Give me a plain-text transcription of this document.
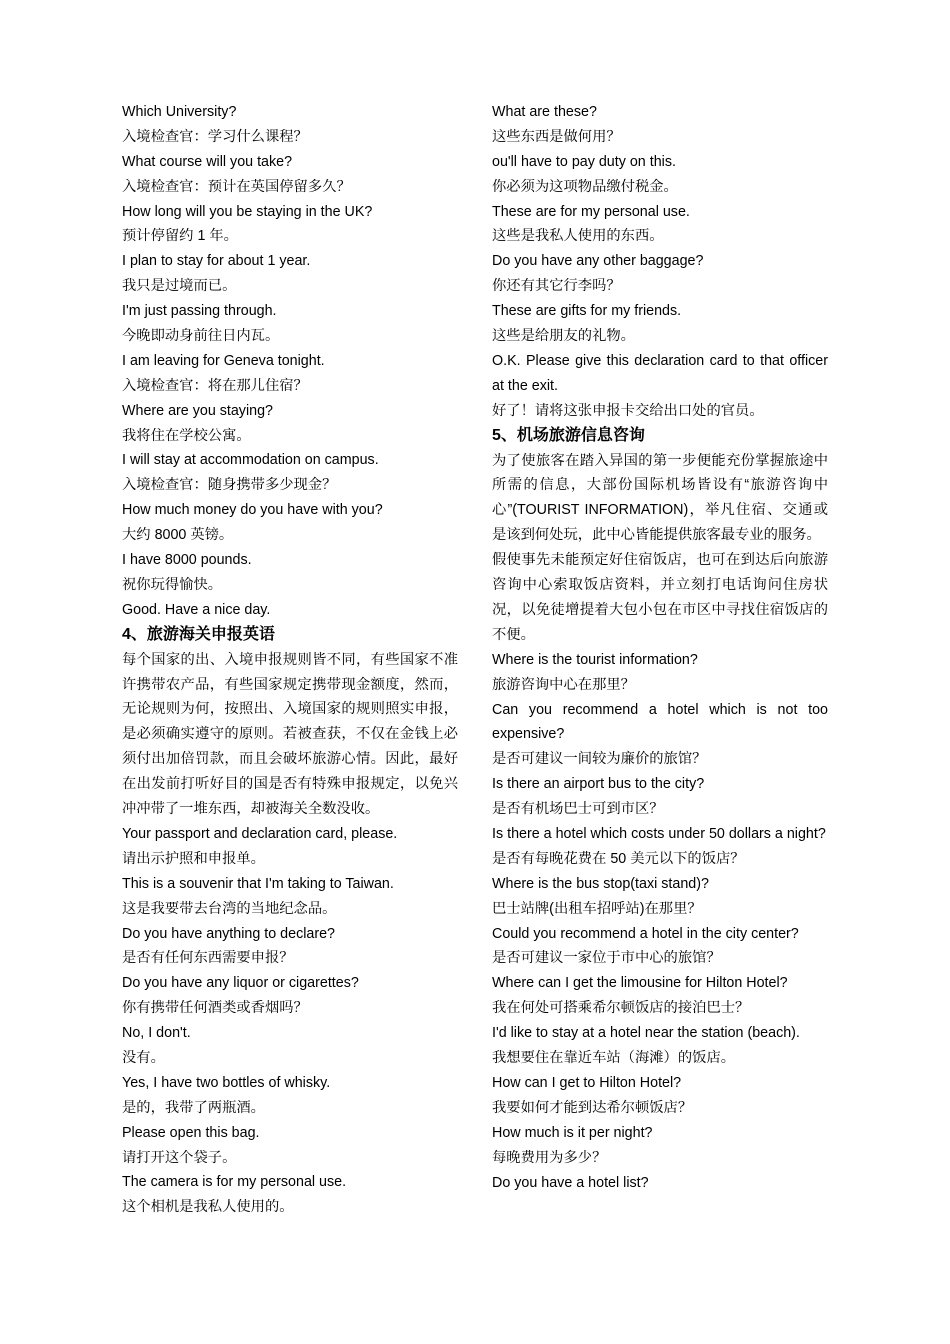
Which University?
入境检查官：学习什么课程？
What course will you take?
入境检查官：预计在英国停留多久？
How long will you be staying in the UK?
预计停留约 1 年。
I plan to stay for about 1 year.
我只是过境而已。
I'm just passing through.
今晚即动身前往日内瓦。
I am leaving for Geneva tonight.
入境检查官：将在那儿住宿？
Where are you staying?
我将住在学校公寓。
I will stay at accommodation on campus.
入境检查官：随身携带多少现金？
How much money do you have with you?
大约 8000 英镑。
I have 8000 pounds.
祝你玩得愉快。
Good. Have a nice day.
4、旅游海关申报英语
每个国家的出、入境申报规则皆不同，有些国家不准许携带农产品，有些国家规定携带现金额度，然而，无论规则为何，按照出、入境国家的规则照实申报，是必须确实遵守的原则。若被查获，不仅在金钱上必须付出加倍罚款，而且会破坏旅游心情。因此，最好在出发前打听好目的国是否有特殊申报规定，以免兴冲冲带了一堆东西，却被海关全数没收。
Your passport and declaration card, please.
请出示护照和申报单。
This is a souvenir that I'm taking to Taiwan.
这是我要带去台湾的当地纪念品。
Do you have anything to declare?
是否有任何东西需要申报？
Do you have any liquor or cigarettes?
你有携带任何酒类或香烟吗？
No, I don't.
没有。
Yes, I have two bottles of whisky.
是的，我带了两瓶酒。
Please open this bag.
请打开这个袋子。
The camera is for my personal use.
这个相机是我私人使用的。
What are these?
这些东西是做何用？
ou'll have to pay duty on this.
你必须为这项物品缴付税金。
These are for my personal use.
这些是我私人使用的东西。
Do you have any other baggage?
你还有其它行李吗？
These are gifts for my friends.
这些是给朋友的礼物。
O.K. Please give this declaration card to that officer at the exit.
好了！请将这张申报卡交给出口处的官员。
5、机场旅游信息咨询
为了使旅客在踏入异国的第一步便能充份掌握旅途中所需的信息，大部份国际机场皆设有“旅游咨询中心”(TOURIST INFORMATION)，举凡住宿、交通或是该到何处玩，此中心皆能提供旅客最专业的服务。
假使事先未能预定好住宿饭店，也可在到达后向旅游咨询中心索取饭店资料，并立刻打电话询问住房状况，以免徒增提着大包小包在市区中寻找住宿饭店的不便。
Where is the tourist information?
旅游咨询中心在那里？
Can you recommend a hotel which is not too expensive?
是否可建议一间较为廉价的旅馆？
Is there an airport bus to the city?
是否有机场巴士可到市区？
Is there a hotel which costs under 50 dollars a night?
是否有每晚花费在 50 美元以下的饭店？
Where is the bus stop(taxi stand)?
巴士站牌(出租车招呼站)在那里？
Could you recommend a hotel in the city center?
是否可建议一家位于市中心的旅馆？
Where can I get the limousine for Hilton Hotel?
我在何处可搭乘希尔顿饭店的接泊巴士？
I'd like to stay at a hotel near the station (beach).
我想要住在靠近车站（海滩）的饭店。
How can I get to Hilton Hotel?
我要如何才能到达希尔顿饭店？
How much is it per night?
每晚费用为多少？
Do you have a hotel list?
